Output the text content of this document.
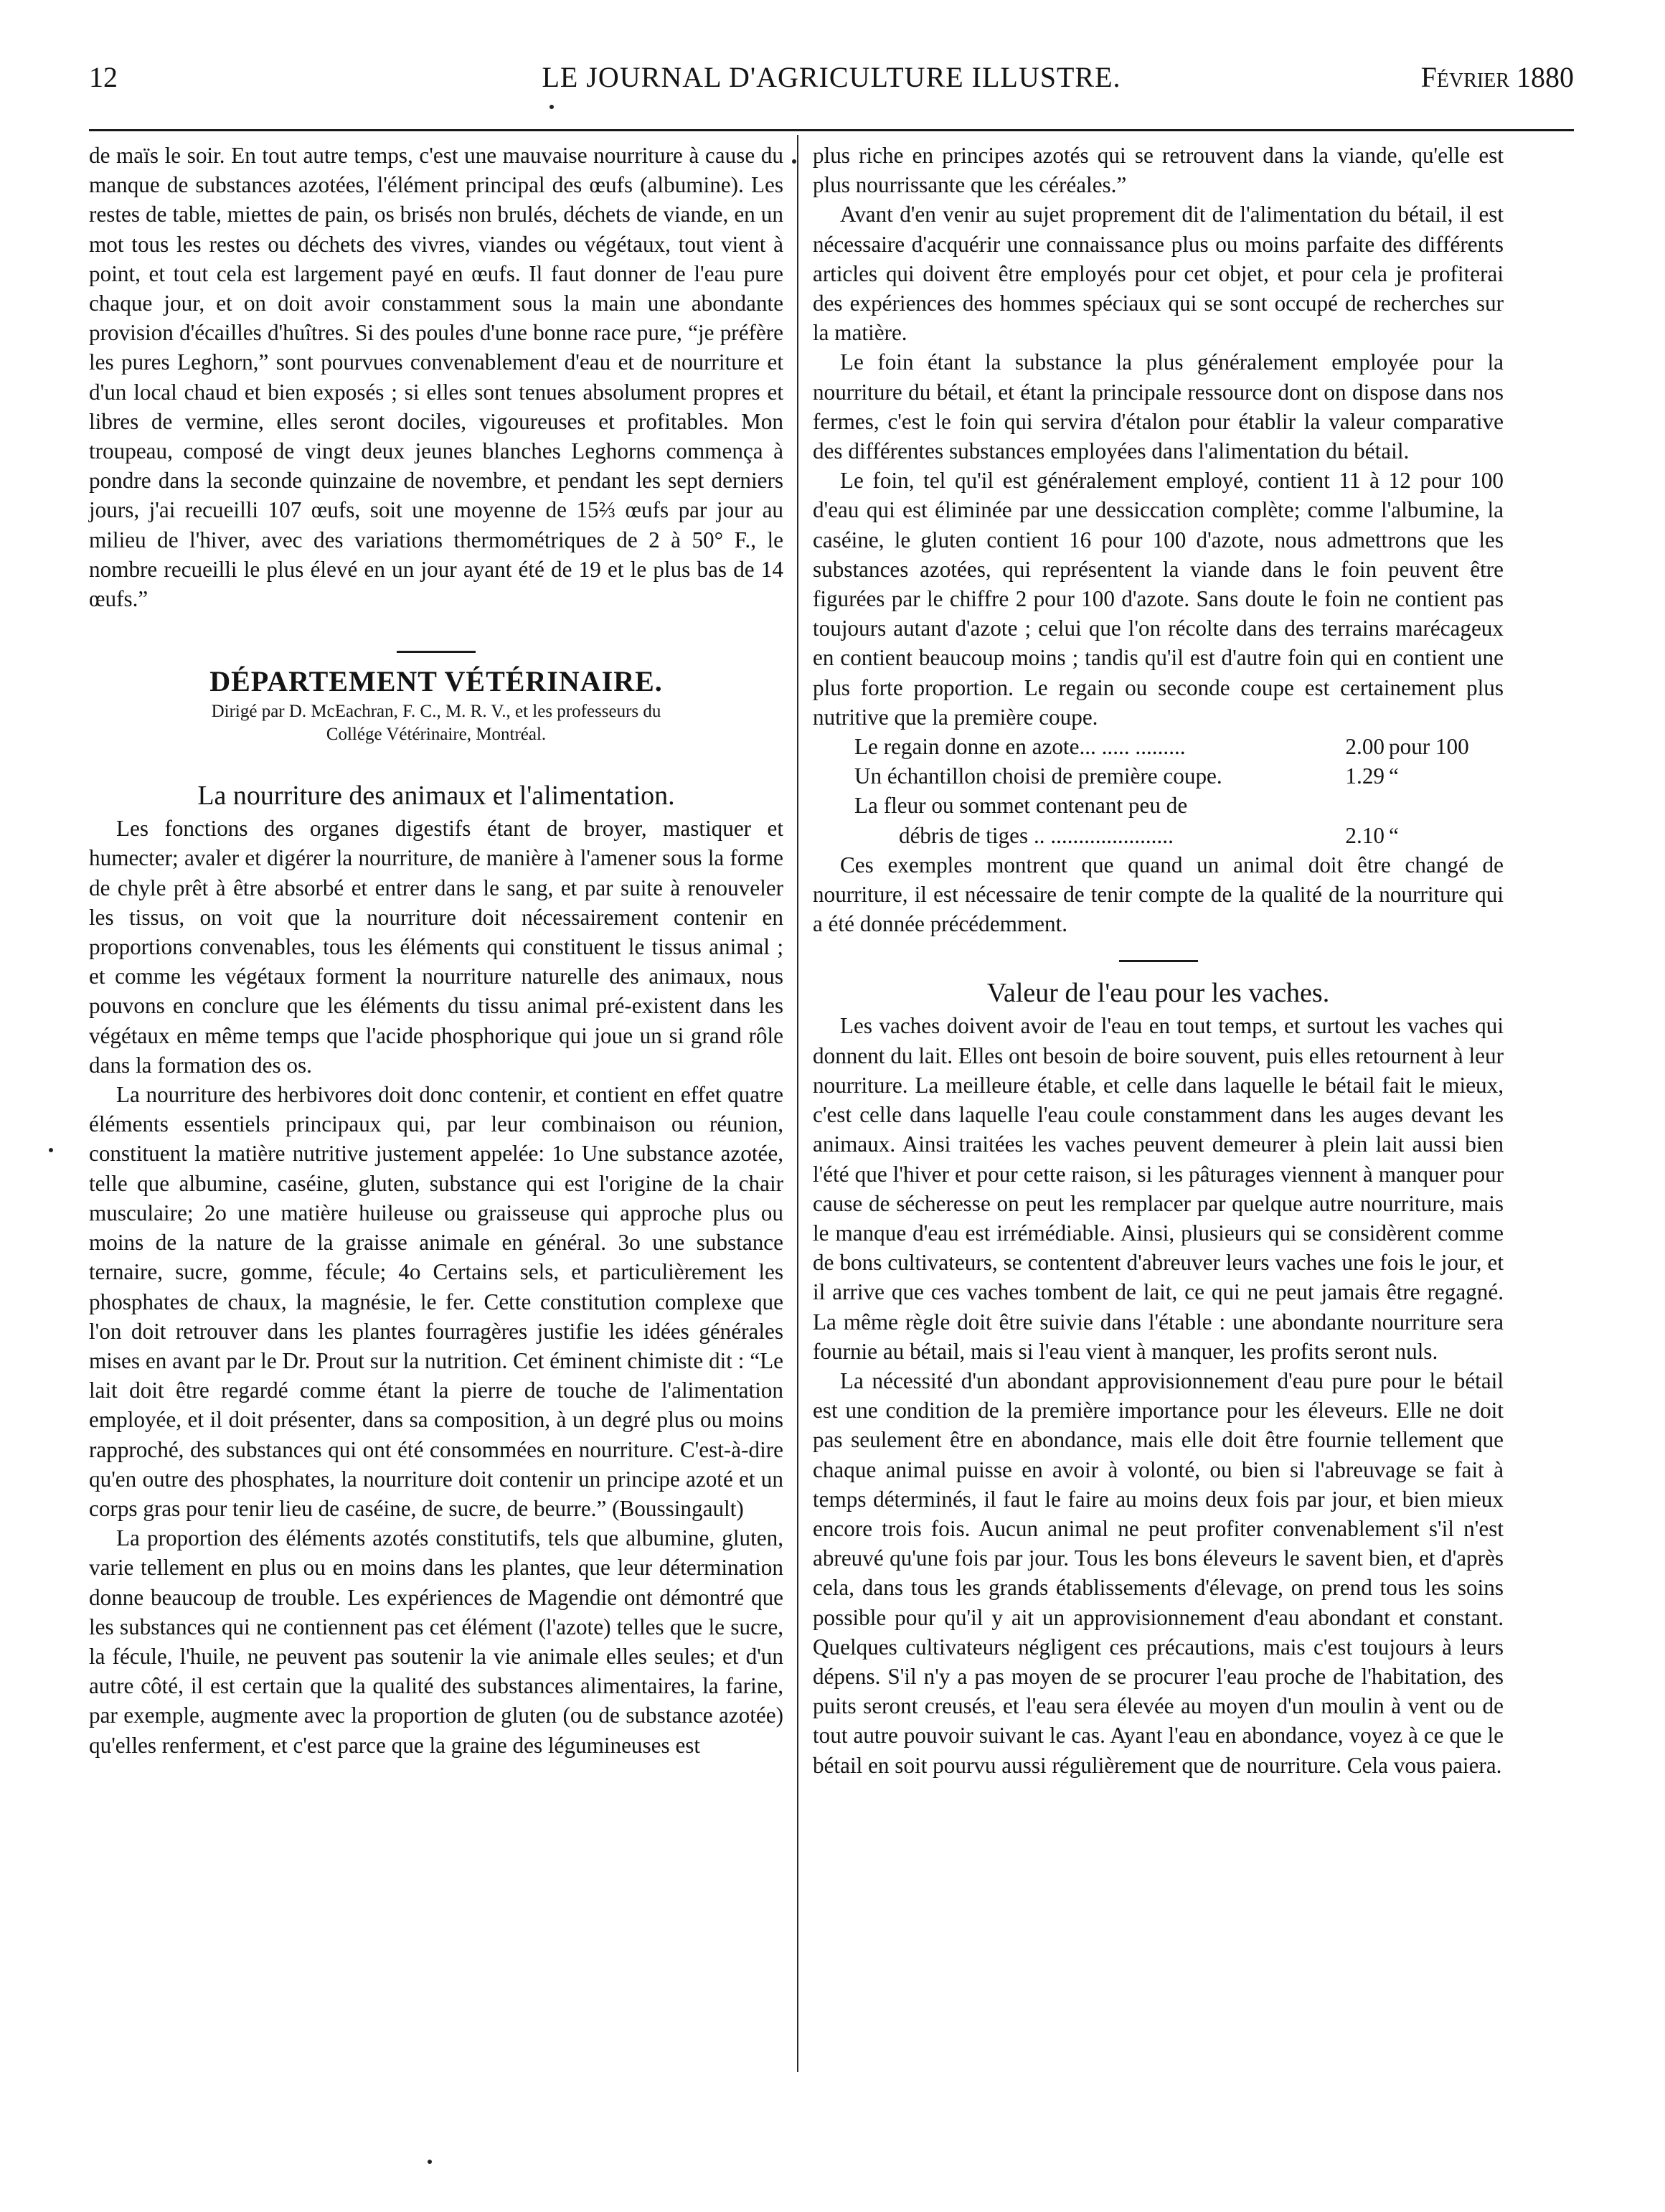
12	LE JOURNAL D'AGRICULTURE ILLUSTRE.	Février 1880

de maïs le soir. En tout autre temps, c'est une mauvaise nourriture à cause du manque de substances azotées, l'élément principal des œufs (albumine). Les restes de table, miettes de pain, os brisés non brulés, déchets de viande, en un mot tous les restes ou déchets des vivres, viandes ou végétaux, tout vient à point, et tout cela est largement payé en œufs. Il faut donner de l'eau pure chaque jour, et on doit avoir constamment sous la main une abondante provision d'écailles d'huîtres. Si des poules d'une bonne race pure, “je préfère les pures Leghorn,” sont pourvues convenablement d'eau et de nourriture et d'un local chaud et bien exposés ; si elles sont tenues absolument propres et libres de vermine, elles seront dociles, vigoureuses et profitables. Mon troupeau, composé de vingt deux jeunes blanches Leghorns commença à pondre dans la seconde quinzaine de novembre, et pendant les sept derniers jours, j'ai recueilli 107 œufs, soit une moyenne de 15⅔ œufs par jour au milieu de l'hiver, avec des variations thermométriques de 2 à 50° F., le nombre recueilli le plus élevé en un jour ayant été de 19 et le plus bas de 14 œufs.”

DÉPARTEMENT VÉTÉRINAIRE.
Dirigé par D. McEachran, F. C., M. R. V., et les professeurs du
Collége Vétérinaire, Montréal.
La nourriture des animaux et l'alimentation.

Les fonctions des organes digestifs étant de broyer, mastiquer et humecter; avaler et digérer la nourriture, de manière à l'amener sous la forme de chyle prêt à être absorbé et entrer dans le sang, et par suite à renouveler les tissus, on voit que la nourriture doit nécessairement contenir en proportions convenables, tous les éléments qui constituent le tissus animal ; et comme les végétaux forment la nourriture naturelle des animaux, nous pouvons en conclure que les éléments du tissu animal pré-existent dans les végétaux en même temps que l'acide phosphorique qui joue un si grand rôle dans la formation des os.

La nourriture des herbivores doit donc contenir, et contient en effet quatre éléments essentiels principaux qui, par leur combinaison ou réunion, constituent la matière nutritive justement appelée: 1o Une substance azotée, telle que albumine, caséine, gluten, substance qui est l'origine de la chair musculaire; 2o une matière huileuse ou graisseuse qui approche plus ou moins de la nature de la graisse animale en général. 3o une substance ternaire, sucre, gomme, fécule; 4o Certains sels, et particulièrement les phosphates de chaux, la magnésie, le fer. Cette constitution complexe que l'on doit retrouver dans les plantes fourragères justifie les idées générales mises en avant par le Dr. Prout sur la nutrition. Cet éminent chimiste dit : “Le lait doit être regardé comme étant la pierre de touche de l'alimentation employée, et il doit présenter, dans sa composition, à un degré plus ou moins rapproché, des substances qui ont été consommées en nourriture. C'est-à-dire qu'en outre des phosphates, la nourriture doit contenir un principe azoté et un corps gras pour tenir lieu de caséine, de sucre, de beurre.” (Boussingault)

La proportion des éléments azotés constitutifs, tels que albumine, gluten, varie tellement en plus ou en moins dans les plantes, que leur détermination donne beaucoup de trouble. Les expériences de Magendie ont démontré que les substances qui ne contiennent pas cet élément (l'azote) telles que le sucre, la fécule, l'huile, ne peuvent pas soutenir la vie animale elles seules; et d'un autre côté, il est certain que la qualité des substances alimentaires, la farine, par exemple, augmente avec la proportion de gluten (ou de substance azotée) qu'elles renferment, et c'est parce que la graine des légumineuses est

plus riche en principes azotés qui se retrouvent dans la viande, qu'elle est plus nourrissante que les céréales.”

Avant d'en venir au sujet proprement dit de l'alimentation du bétail, il est nécessaire d'acquérir une connaissance plus ou moins parfaite des différents articles qui doivent être employés pour cet objet, et pour cela je profiterai des expériences des hommes spéciaux qui se sont occupé de recherches sur la matière.

Le foin étant la substance la plus généralement employée pour la nourriture du bétail, et étant la principale ressource dont on dispose dans nos fermes, c'est le foin qui servira d'étalon pour établir la valeur comparative des différentes substances employées dans l'alimentation du bétail.

Le foin, tel qu'il est généralement employé, contient 11 à 12 pour 100 d'eau qui est éliminée par une dessiccation complète; comme l'albumine, la caséine, le gluten contient 16 pour 100 d'azote, nous admettrons que les substances azotées, qui représentent la viande dans le foin peuvent être figurées par le chiffre 2 pour 100 d'azote. Sans doute le foin ne contient pas toujours autant d'azote ; celui que l'on récolte dans des terrains marécageux en contient beaucoup moins ; tandis qu'il est d'autre foin qui en contient une plus forte proportion. Le regain ou seconde coupe est certainement plus nutritive que la première coupe.

Le regain donne en azote... ..... .........	2.00	pour 100
Un échantillon choisi de première coupe.	1.29	“
La fleur ou sommet contenant peu de		
débris de tiges .. ......................	2.10	“

Ces exemples montrent que quand un animal doit être changé de nourriture, il est nécessaire de tenir compte de la qualité de la nourriture qui a été donnée précédemment.

Valeur de l'eau pour les vaches.

Les vaches doivent avoir de l'eau en tout temps, et surtout les vaches qui donnent du lait. Elles ont besoin de boire souvent, puis elles retournent à leur nourriture. La meilleure étable, et celle dans laquelle le bétail fait le mieux, c'est celle dans laquelle l'eau coule constamment dans les auges devant les animaux. Ainsi traitées les vaches peuvent demeurer à plein lait aussi bien l'été que l'hiver et pour cette raison, si les pâturages viennent à manquer pour cause de sécheresse on peut les remplacer par quelque autre nourriture, mais le manque d'eau est irrémédiable. Ainsi, plusieurs qui se considèrent comme de bons cultivateurs, se contentent d'abreuver leurs vaches une fois le jour, et il arrive que ces vaches tombent de lait, ce qui ne peut jamais être regagné. La même règle doit être suivie dans l'étable : une abondante nourriture sera fournie au bétail, mais si l'eau vient à manquer, les profits seront nuls.

La nécessité d'un abondant approvisionnement d'eau pure pour le bétail est une condition de la première importance pour les éleveurs. Elle ne doit pas seulement être en abondance, mais elle doit être fournie tellement que chaque animal puisse en avoir à volonté, ou bien si l'abreuvage se fait à temps déterminés, il faut le faire au moins deux fois par jour, et bien mieux encore trois fois. Aucun animal ne peut profiter convenablement s'il n'est abreuvé qu'une fois par jour. Tous les bons éleveurs le savent bien, et d'après cela, dans tous les grands établissements d'élevage, on prend tous les soins possible pour qu'il y ait un approvisionnement d'eau abondant et constant. Quelques cultivateurs négligent ces précautions, mais c'est toujours à leurs dépens. S'il n'y a pas moyen de se procurer l'eau proche de l'habitation, des puits seront creusés, et l'eau sera élevée au moyen d'un moulin à vent ou de tout autre pouvoir suivant le cas. Ayant l'eau en abondance, voyez à ce que le bétail en soit pourvu aussi régulièrement que de nourriture. Cela vous paiera.
